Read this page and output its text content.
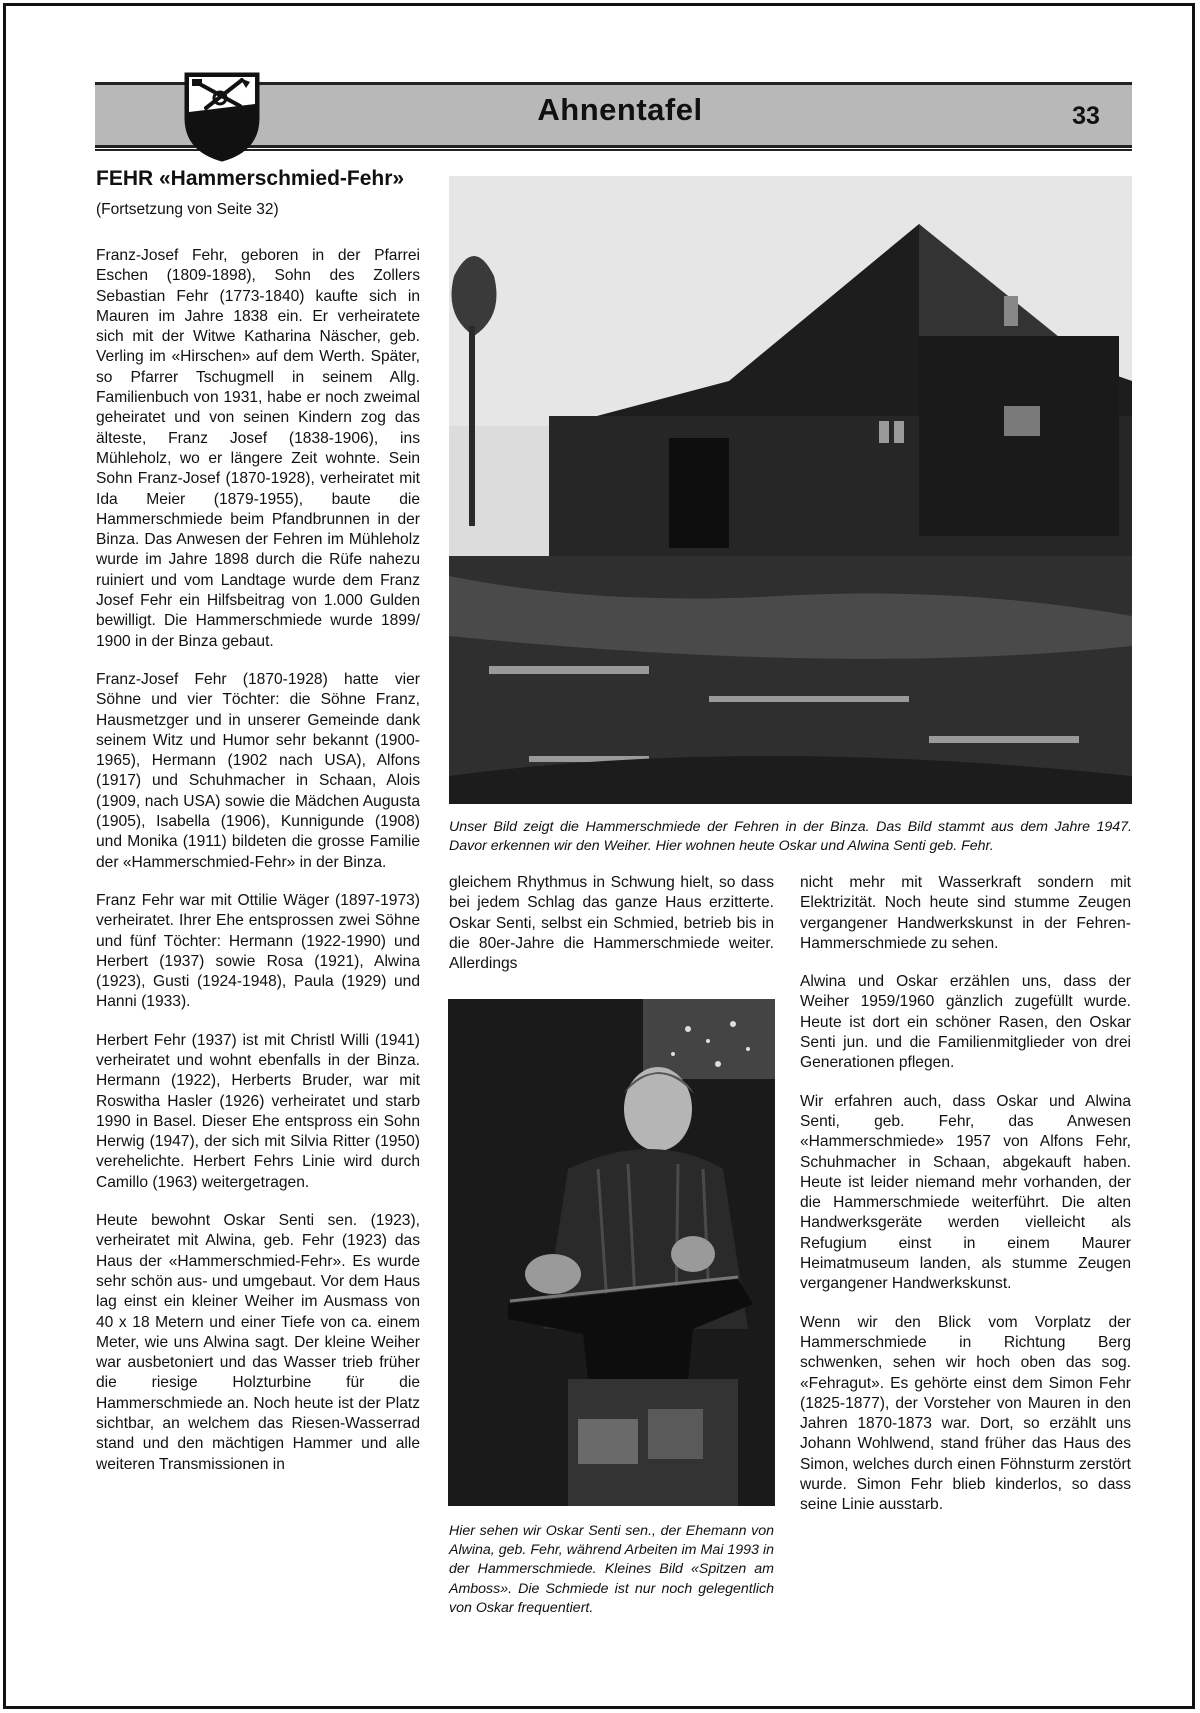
Ahnentafel	33
FEHR «Hammerschmied-Fehr»
(Fortsetzung von Seite 32)

Franz-Josef Fehr, geboren in der Pfarrei Eschen (1809-1898), Sohn des Zollers Sebastian Fehr (1773-1840) kaufte sich in Mauren im Jahre 1838 ein. Er verheiratete sich mit der Witwe Katharina Näscher, geb. Verling im «Hirschen» auf dem Werth. Später, so Pfarrer Tschugmell in seinem Allg. Familienbuch von 1931, habe er noch zweimal geheiratet und von seinen Kindern zog das älteste, Franz Josef (1838-1906), ins Mühleholz, wo er längere Zeit wohnte. Sein Sohn Franz-Josef (1870-1928), verheiratet mit Ida Meier (1879-1955), baute die Hammerschmiede beim Pfandbrunnen in der Binza. Das Anwesen der Fehren im Mühleholz wurde im Jahre 1898 durch die Rüfe nahezu ruiniert und vom Landtage wurde dem Franz Josef Fehr ein Hilfsbeitrag von 1.000 Gulden bewilligt. Die Hammerschmiede wurde 1899/ 1900 in der Binza gebaut.

Franz-Josef Fehr (1870-1928) hatte vier Söhne und vier Töchter: die Söhne Franz, Hausmetzger und in unserer Gemeinde dank seinem Witz und Humor sehr bekannt (1900-1965), Hermann (1902 nach USA), Alfons (1917) und Schuhmacher in Schaan, Alois (1909, nach USA) sowie die Mädchen Augusta (1905), Isabella (1906), Kunnigunde (1908) und Monika (1911) bildeten die grosse Familie der «Hammerschmied-Fehr» in der Binza.

Franz Fehr war mit Ottilie Wäger (1897-1973) verheiratet. Ihrer Ehe entsprossen zwei Söhne und fünf Töchter: Hermann (1922-1990) und Herbert (1937) sowie Rosa (1921), Alwina (1923), Gusti (1924-1948), Paula (1929) und Hanni (1933).

Herbert Fehr (1937) ist mit Christl Willi (1941) verheiratet und wohnt ebenfalls in der Binza. Hermann (1922), Herberts Bruder, war mit Roswitha Hasler (1926) verheiratet und starb 1990 in Basel. Dieser Ehe entspross ein Sohn Herwig (1947), der sich mit Silvia Ritter (1950) verehelichte. Herbert Fehrs Linie wird durch Camillo (1963) weitergetragen.

Heute bewohnt Oskar Senti sen. (1923), verheiratet mit Alwina, geb. Fehr (1923) das Haus der «Hammerschmied-Fehr». Es wurde sehr schön aus- und umgebaut. Vor dem Haus lag einst ein kleiner Weiher im Ausmass von 40 x 18 Metern und einer Tiefe von ca. einem Meter, wie uns Alwina sagt. Der kleine Weiher war ausbetoniert und das Wasser trieb früher die riesige Holzturbine für die Hammerschmiede an. Noch heute ist der Platz sichtbar, an welchem das Riesen-Wasserrad stand und den mächtigen Hammer und alle weiteren Transmissionen in

Unser Bild zeigt die Hammerschmiede der Fehren in der Binza. Das Bild stammt aus dem Jahre 1947. Davor erkennen wir den Weiher. Hier wohnen heute Oskar und Alwina Senti geb. Fehr.

gleichem Rhythmus in Schwung hielt, so dass bei jedem Schlag das ganze Haus erzitterte. Oskar Senti, selbst ein Schmied, betrieb bis in die 80er-Jahre die Hammerschmiede weiter. Allerdings

Hier sehen wir Oskar Senti sen., der Ehemann von Alwina, geb. Fehr, während Arbeiten im Mai 1993 in der Hammerschmiede. Kleines Bild «Spitzen am Amboss». Die Schmiede ist nur noch gelegentlich von Oskar frequentiert.

nicht mehr mit Wasserkraft sondern mit Elektrizität. Noch heute sind stumme Zeugen vergangener Handwerkskunst in der Fehren-Hammerschmiede zu sehen.

Alwina und Oskar erzählen uns, dass der Weiher 1959/1960 gänzlich zugefüllt wurde. Heute ist dort ein schöner Rasen, den Oskar Senti jun. und die Familienmitglieder von drei Generationen pflegen.

Wir erfahren auch, dass Oskar und Alwina Senti, geb. Fehr, das Anwesen «Hammerschmiede» 1957 von Alfons Fehr, Schuhmacher in Schaan, abgekauft haben. Heute ist leider niemand mehr vorhanden, der die Hammerschmiede weiterführt. Die alten Handwerksgeräte werden vielleicht als Refugium einst in einem Maurer Heimatmuseum landen, als stumme Zeugen vergangener Handwerkskunst.

Wenn wir den Blick vom Vorplatz der Hammerschmiede in Richtung Berg schwenken, sehen wir hoch oben das sog. «Fehragut». Es gehörte einst dem Simon Fehr (1825-1877), der Vorsteher von Mauren in den Jahren 1870-1873 war. Dort, so erzählt uns Johann Wohlwend, stand früher das Haus des Simon, welches durch einen Föhnsturm zerstört wurde. Simon Fehr blieb kinderlos, so dass seine Linie ausstarb.
